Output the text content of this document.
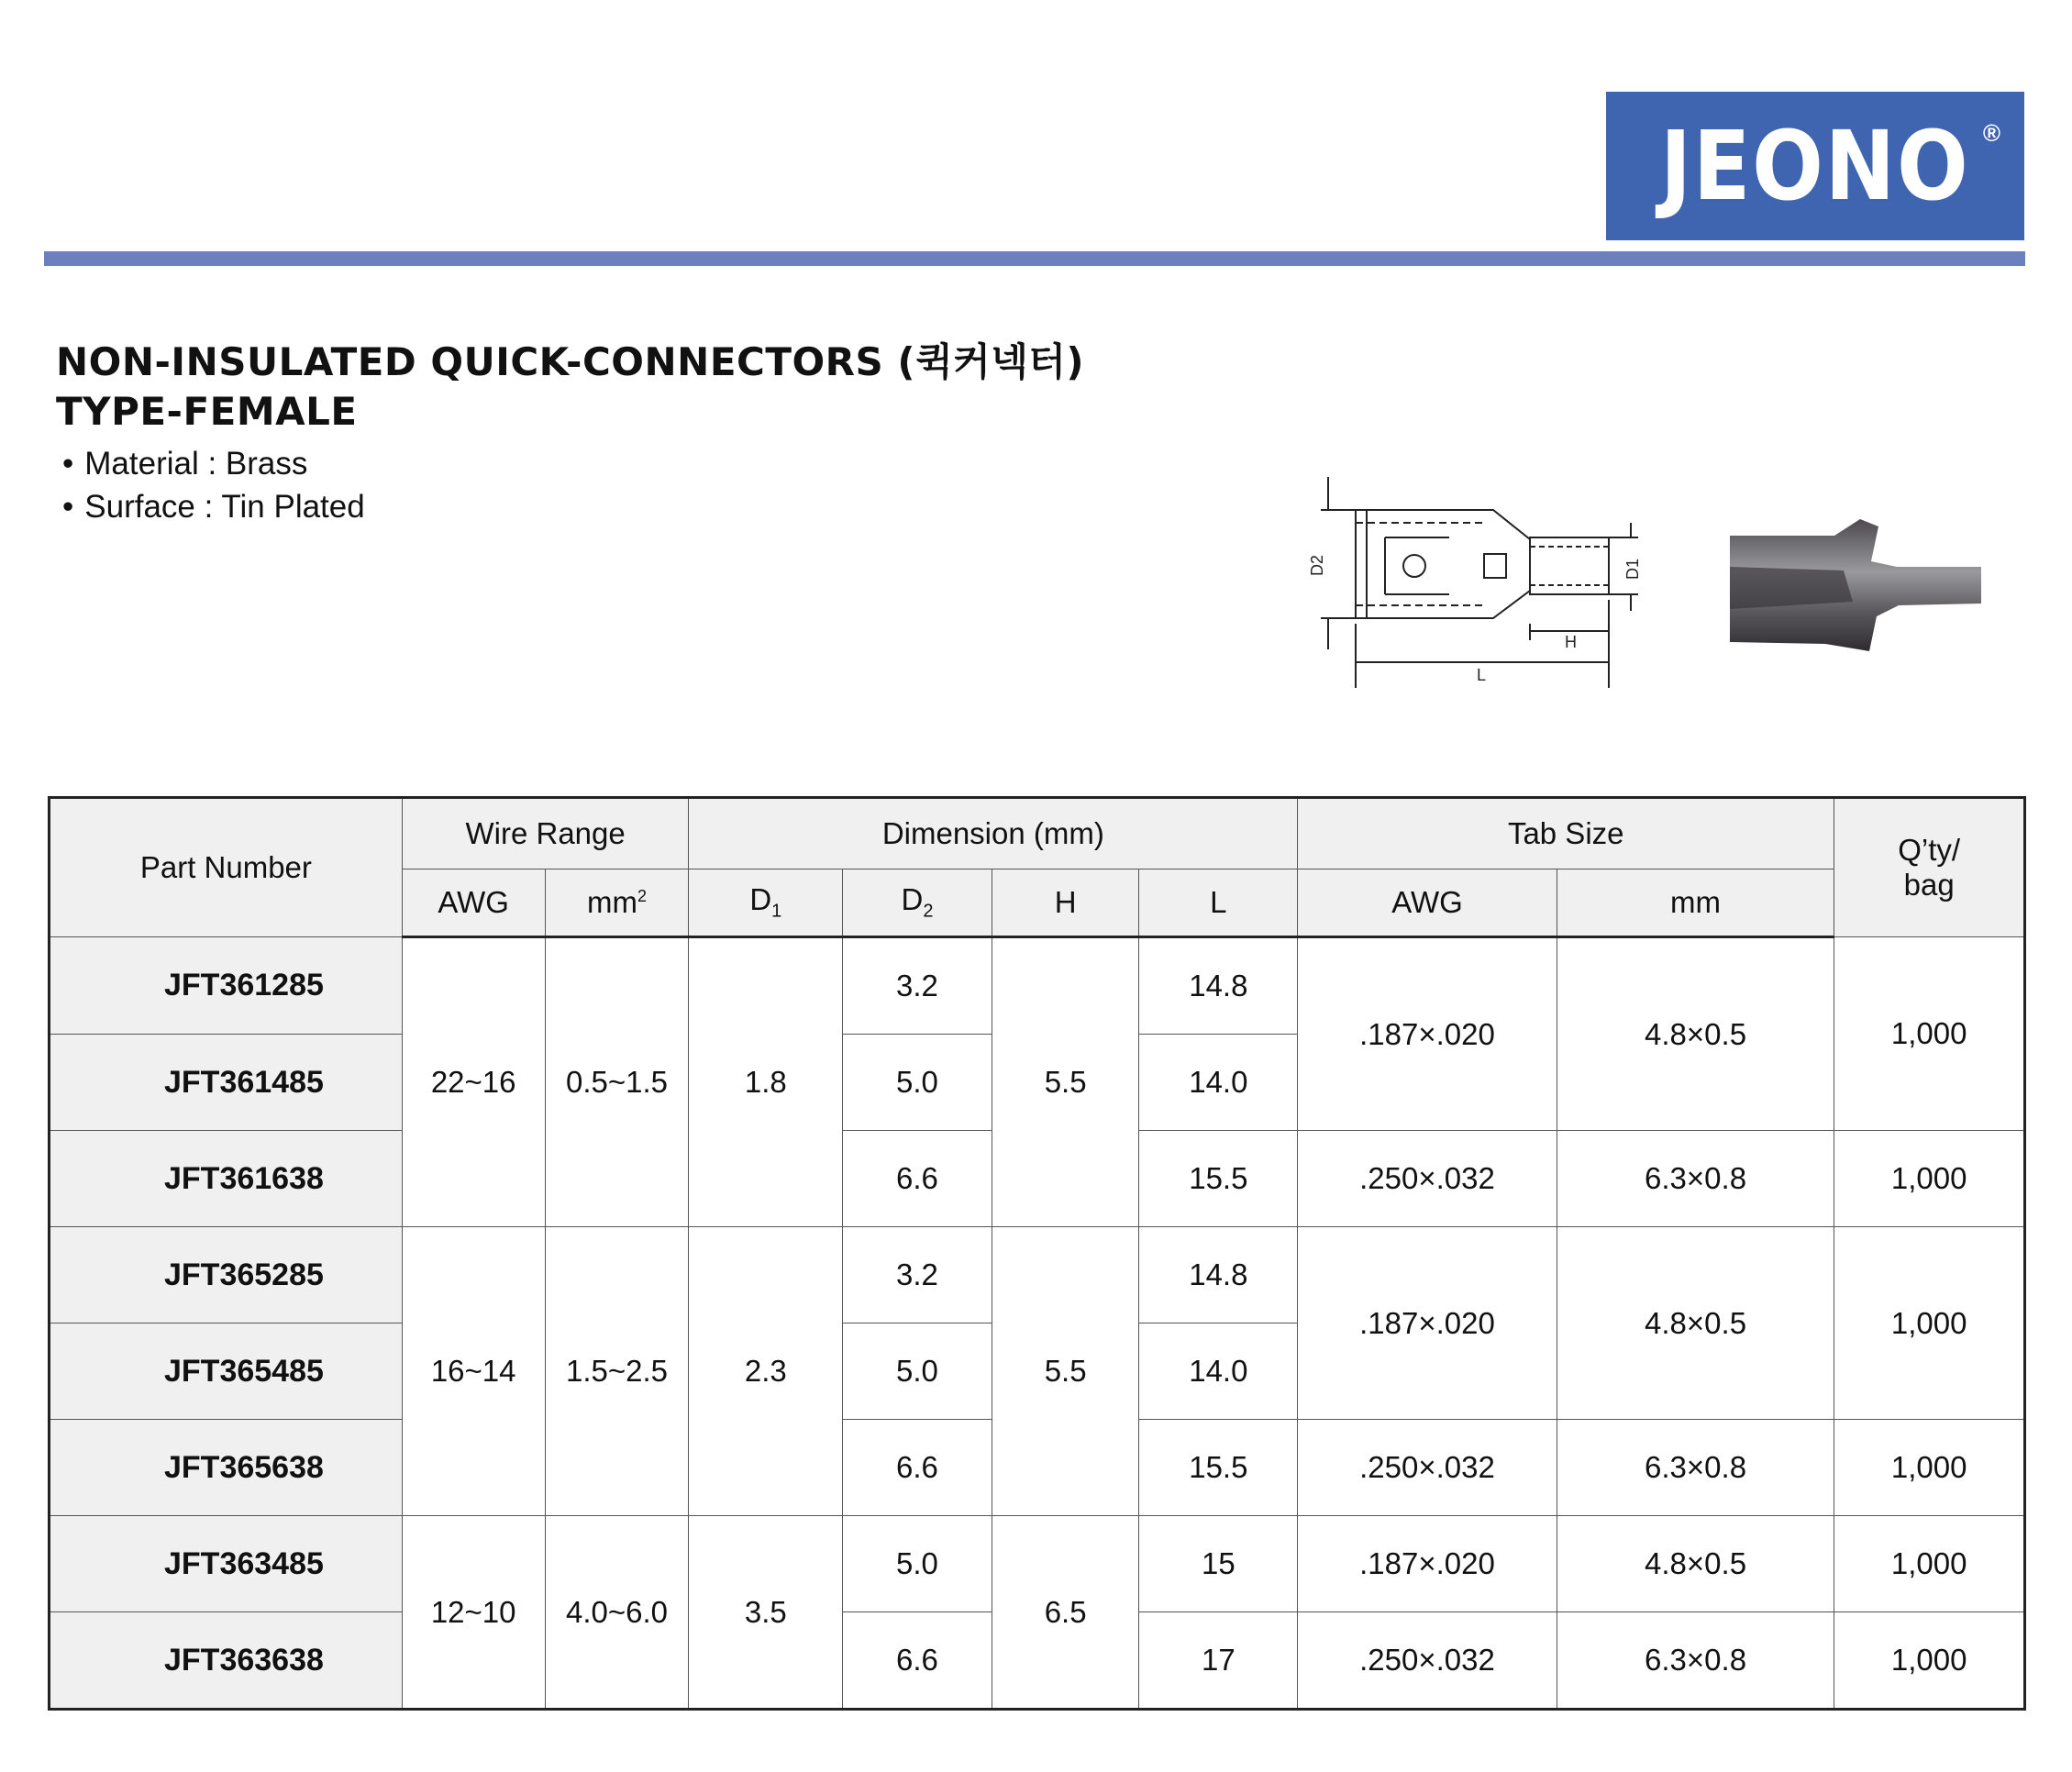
JEONO ®
NON-INSULATED QUICK-CONNECTORS (퀵커넥터)
TYPE-FEMALE
• Material : Brass
• Surface : Tin Plated
D2	D1
H
L
Part Number	Wire Range		Dimension (mm)				Tab Size		Q’ty/
bag

	AWG	$mm^2$	$D_1$	$D_2$	H	L	AWG	mm	
JFT361285	22~16	0.5~1.5	1.8	3.2	5.5	14.8	.187×.020	4.8×0.5	1,000
JFT361485				5.0		14.0			
JFT361638				6.6		15.5	.250×.032	6.3×0.8	1,000
JFT365285	16~14	1.5~2.5	2.3	3.2	5.5	14.8	.187×.020	4.8×0.5	1,000
JFT365485				5.0		14.0			
JFT365638				6.6		15.5	.250×.032	6.3×0.8	1,000
JFT363485	12~10	4.0~6.0	3.5	5.0	6.5	15	.187×.020	4.8×0.5	1,000
JFT363638				6.6		17	.250×.032	6.3×0.8	1,000
